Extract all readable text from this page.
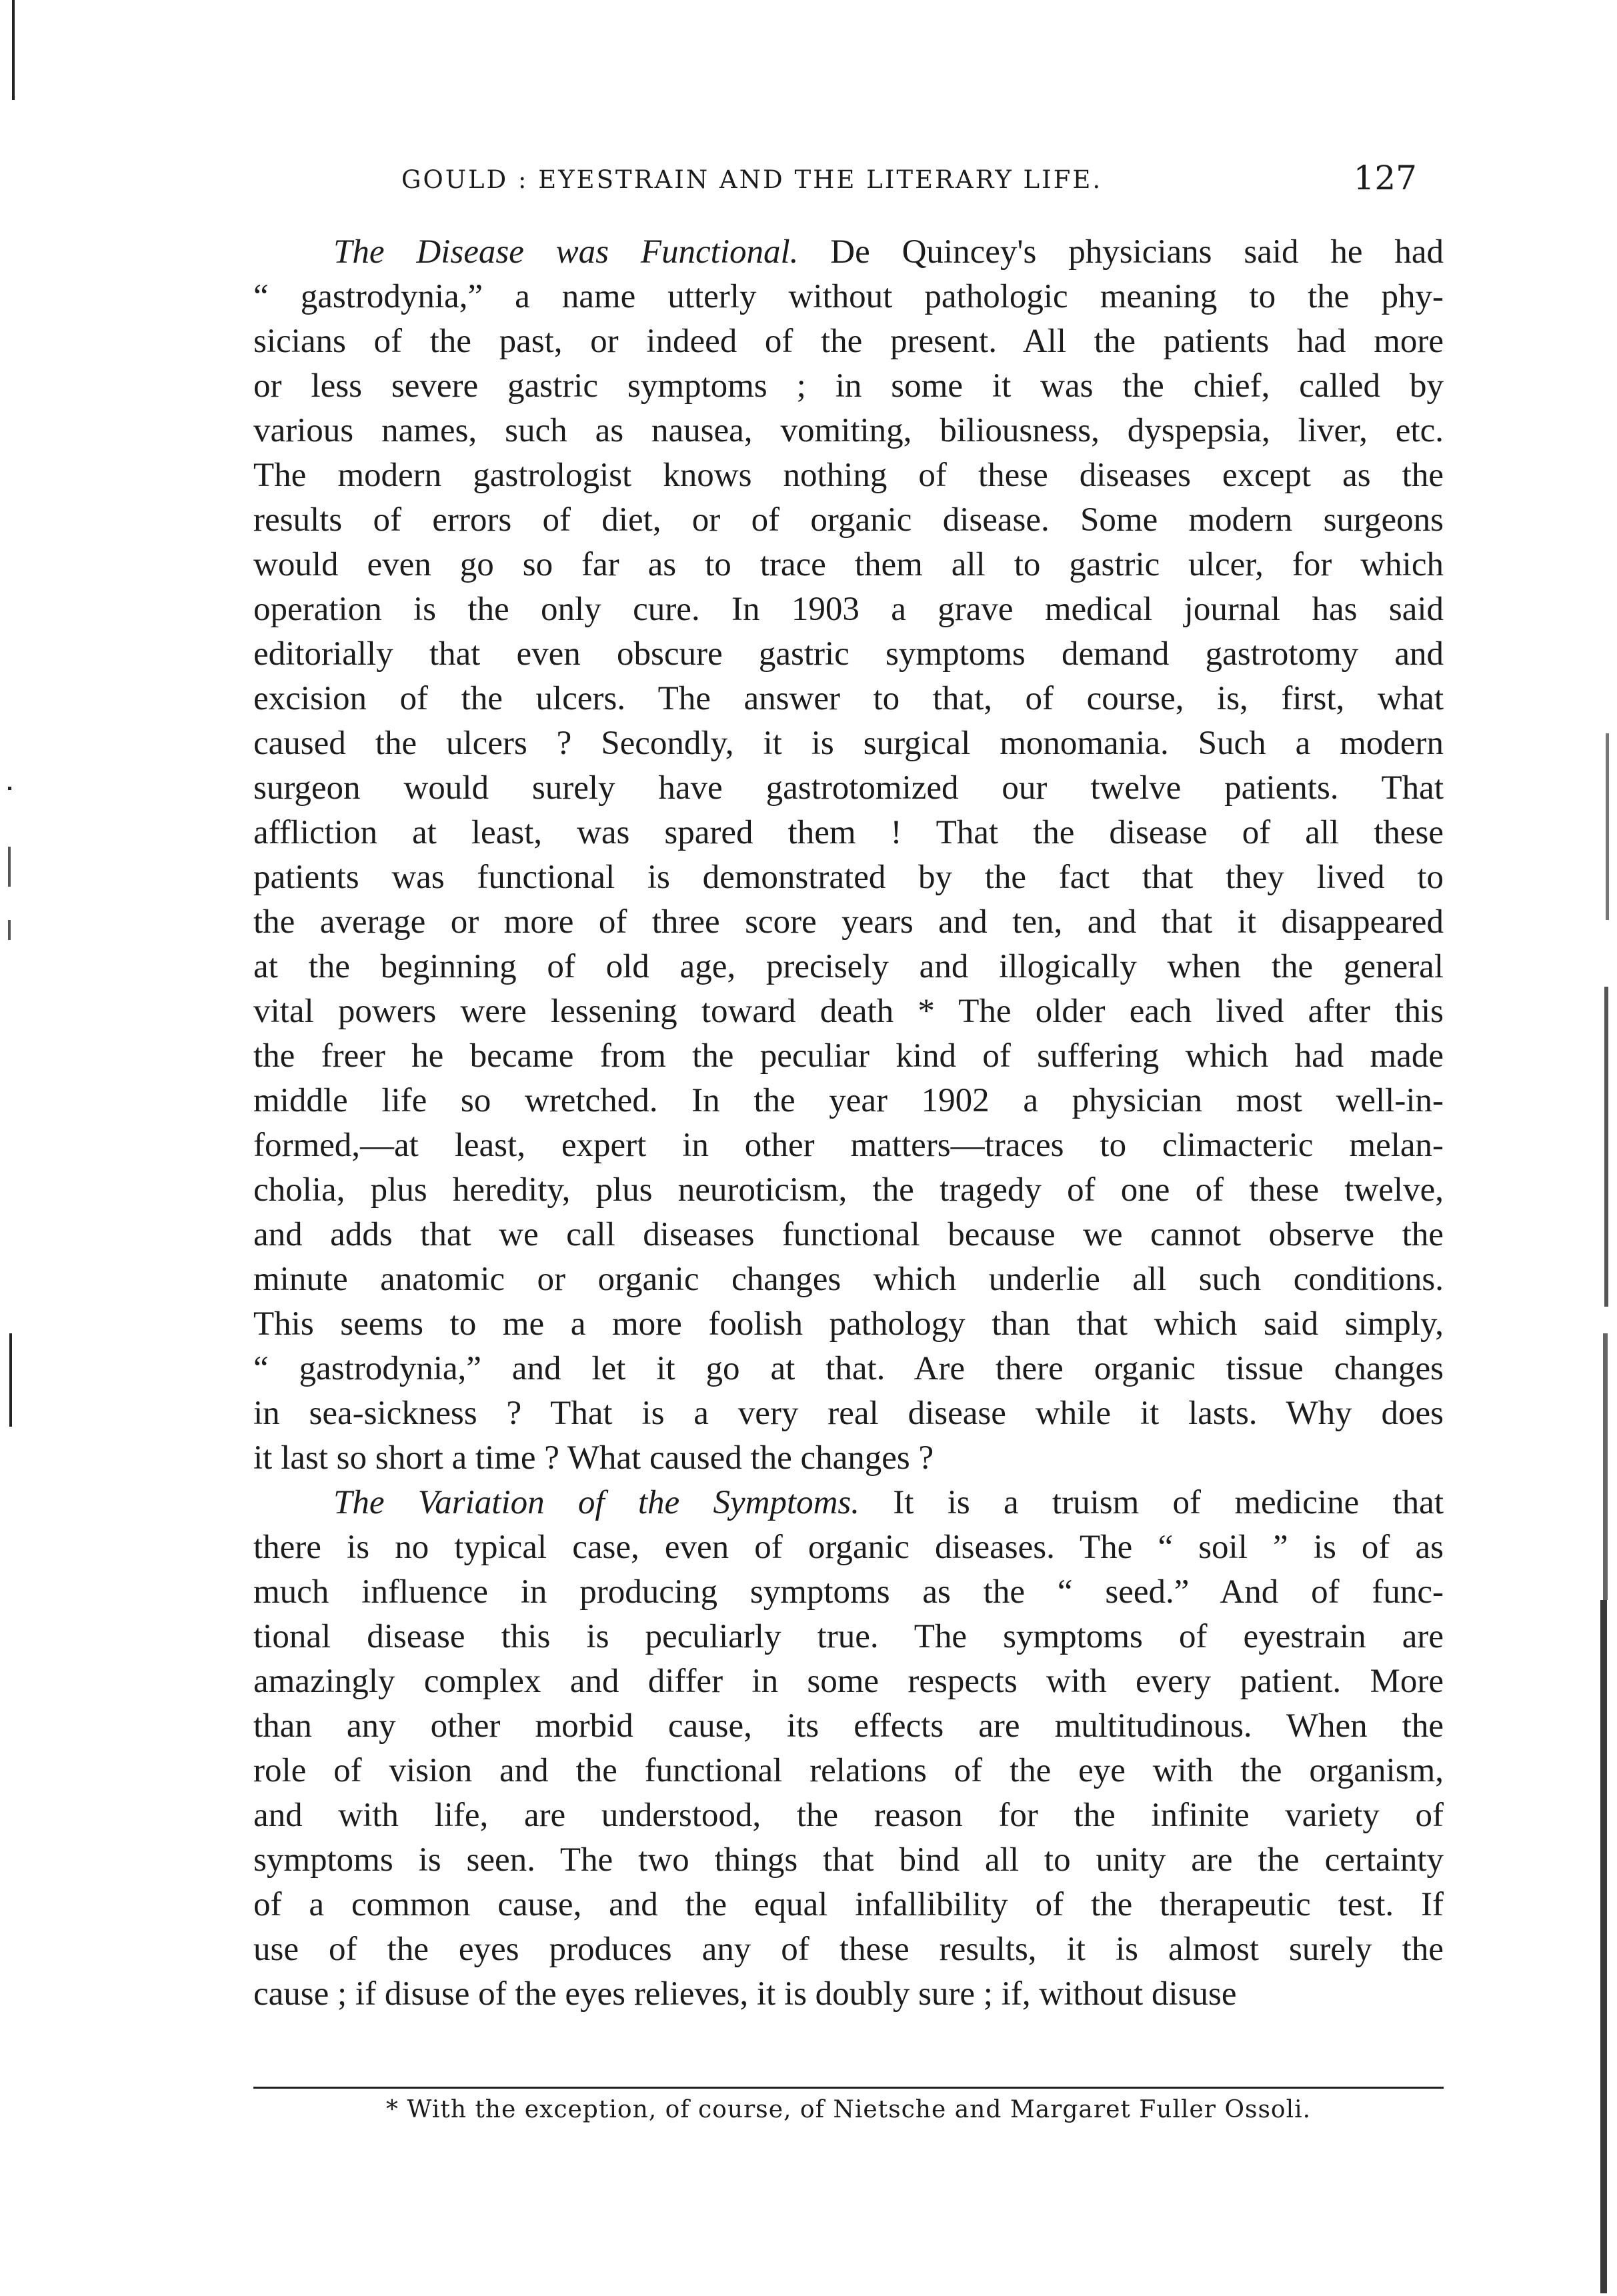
GOULD : EYESTRAIN AND THE LITERARY LIFE.	127
The Disease was Functional. De Quincey's physicians said he had
“ gastrodynia,” a name utterly without pathologic meaning to the phy-
sicians of the past, or indeed of the present. All the patients had more
or less severe gastric symptoms ; in some it was the chief, called by
various names, such as nausea, vomiting, biliousness, dyspepsia, liver, etc.
The modern gastrologist knows nothing of these diseases except as the
results of errors of diet, or of organic disease. Some modern surgeons
would even go so far as to trace them all to gastric ulcer, for which
operation is the only cure. In 1903 a grave medical journal has said
editorially that even obscure gastric symptoms demand gastrotomy and
excision of the ulcers. The answer to that, of course, is, first, what
caused the ulcers ? Secondly, it is surgical monomania. Such a modern
surgeon would surely have gastrotomized our twelve patients. That
affliction at least, was spared them ! That the disease of all these
patients was functional is demonstrated by the fact that they lived to
the average or more of three score years and ten, and that it disappeared
at the beginning of old age, precisely and illogically when the general
vital powers were lessening toward death * The older each lived after this
the freer he became from the peculiar kind of suffering which had made
middle life so wretched. In the year 1902 a physician most well-in-
formed,—at least, expert in other matters—traces to climacteric melan-
cholia, plus heredity, plus neuroticism, the tragedy of one of these twelve,
and adds that we call diseases functional because we cannot observe the
minute anatomic or organic changes which underlie all such conditions.
This seems to me a more foolish pathology than that which said simply,
“ gastrodynia,” and let it go at that. Are there organic tissue changes
in sea-sickness ? That is a very real disease while it lasts. Why does
it last so short a time ? What caused the changes ?
The Variation of the Symptoms. It is a truism of medicine that
there is no typical case, even of organic diseases. The “ soil ” is of as
much influence in producing symptoms as the “ seed.” And of func-
tional disease this is peculiarly true. The symptoms of eyestrain are
amazingly complex and differ in some respects with every patient. More
than any other morbid cause, its effects are multitudinous. When the
role of vision and the functional relations of the eye with the organism,
and with life, are understood, the reason for the infinite variety of
symptoms is seen. The two things that bind all to unity are the certainty
of a common cause, and the equal infallibility of the therapeutic test. If
use of the eyes produces any of these results, it is almost surely the
cause ; if disuse of the eyes relieves, it is doubly sure ; if, without disuse
* With the exception, of course, of Nietsche and Margaret Fuller Ossoli.
